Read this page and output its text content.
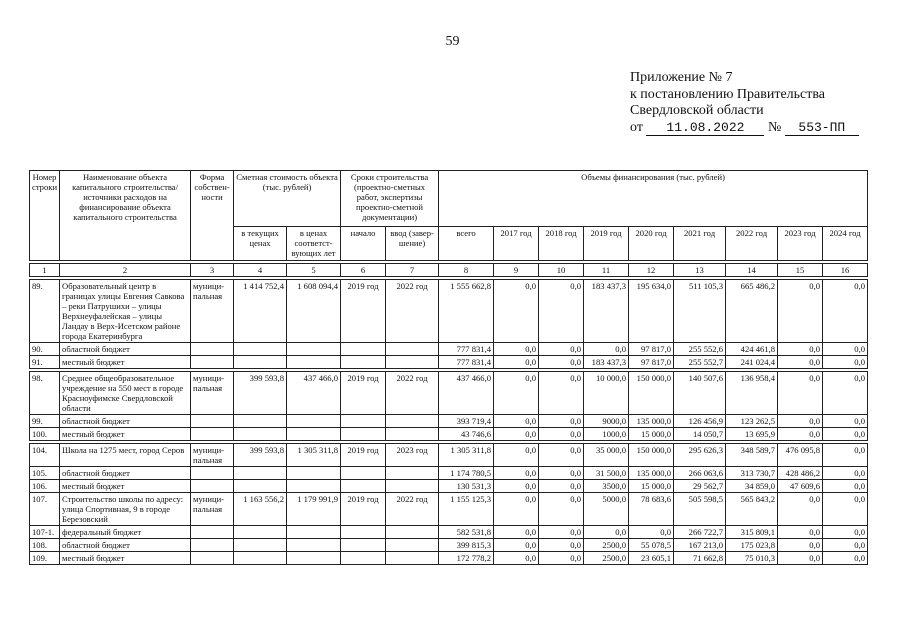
59
Приложение № 7
к постановлению Правительства
Свердловской области
от 11.08.2022 № 553-ПП
Номер строки	Наименование объекта капитального строительства/ источники расходов на финансирование объекта капитального строительства	Форма собствен-ности	Сметная стоимость объекта (тыс. рублей)		Сроки строительства (проектно-сметных работ, экспертизы проектно-сметной документации)		Объемы финансирования (тыс. рублей)								
			в текущих ценах	в ценах соответст-вующих лет	начало	ввод (завер-шение)	всего	2017 год	2018 год	2019 год	2020 год	2021 год	2022 год	2023 год	2024 год

1	2	3	4	5	6	7	8	9	10	11	12	13	14	15	16

89.	Образовательный центр в границах улицы Евгения Савкова – реки Патрушихи – улицы Верхнеуфалейская – улицы Ландау в Верх-Исетском районе города Екатеринбурга	муници-пальная	1 414 752,4	1 608 094,4	2019 год	2022 год	1 555 662,8	0,0	0,0	183 437,3	195 634,0	511 105,3	665 486,2	0,0	0,0
90.	областной бюджет						777 831,4	0,0	0,0	0,0	97 817,0	255 552,6	424 461,8	0,0	0,0
91.	местный бюджет						777 831,4	0,0	0,0	183 437,3	97 817,0	255 552,7	241 024,4	0,0	0,0

98.	Среднее общеобразовательное учреждение на 550 мест в городе Красноуфимске Свердловской области	муници-пальная	399 593,8	437 466,0	2019 год	2022 год	437 466,0	0,0	0,0	10 000,0	150 000,0	140 507,6	136 958,4	0,0	0,0
99.	областной бюджет						393 719,4	0,0	0,0	9000,0	135 000,0	126 456,9	123 262,5	0,0	0,0
100.	местный бюджет						43 746,6	0,0	0,0	1000,0	15 000,0	14 050,7	13 695,9	0,0	0,0

104.	Школа на 1275 мест, город Серов	муници-пальная	399 593,8	1 305 311,8	2019 год	2023 год	1 305 311,8	0,0	0,0	35 000,0	150 000,0	295 626,3	348 589,7	476 095,8	0,0
105.	областной бюджет						1 174 780,5	0,0	0,0	31 500,0	135 000,0	266 063,6	313 730,7	428 486,2	0,0
106.	местный бюджет						130 531,3	0,0	0,0	3500,0	15 000,0	29 562,7	34 859,0	47 609,6	0,0
107.	Строительство школы по адресу: улица Спортивная, 9 в городе Березовский	муници-пальная	1 163 556,2	1 179 991,9	2019 год	2022 год	1 155 125,3	0,0	0,0	5000,0	78 683,6	505 598,5	565 843,2	0,0	0,0
107-1.	федеральный бюджет						582 531,8	0,0	0,0	0,0	0,0	266 722,7	315 809,1	0,0	0,0
108.	областной бюджет						399 815,3	0,0	0,0	2500,0	55 078,5	167 213,0	175 023,8	0,0	0,0
109.	местный бюджет						172 778,2	0,0	0,0	2500,0	23 605,1	71 662,8	75 010,3	0,0	0,0
